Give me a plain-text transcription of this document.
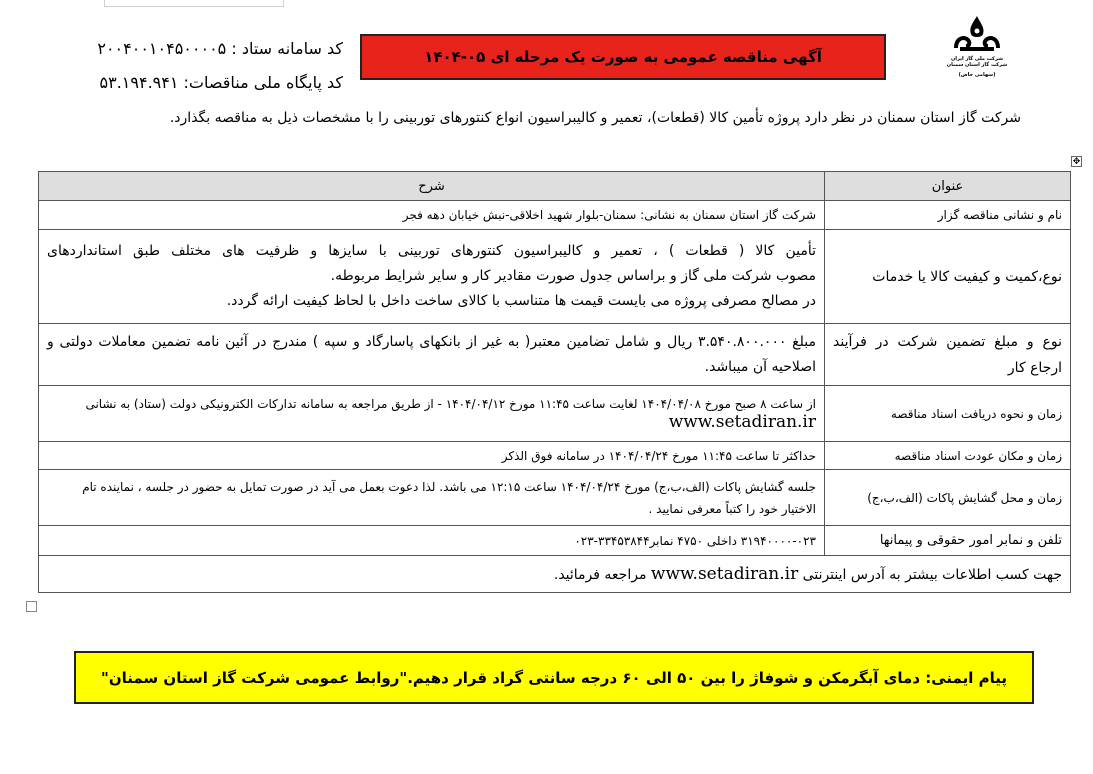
شرکت ملی گاز ایران
شرکت گاز استان سمنان
(سهامی خاص)
آگهی مناقصه عمومی به صورت یک مرحله ای ۰۵-۱۴۰۴
کد سامانه ستاد : ۲۰۰۴۰۰۱۰۴۵۰۰۰۰۵
کد پایگاه ملی مناقصات: ۵۳.۱۹۴.۹۴۱
شرکت گاز استان سمنان در نظر دارد پروژه تأمین کالا (قطعات)، تعمیر و کالیبراسیون انواع کنتورهای توربینی را با مشخصات ذیل به مناقصه بگذارد.
✥
عنوان	شرح
نام و نشانی مناقصه گزار	شرکت گاز استان سمنان به نشانی: سمنان-بلوار شهید اخلاقی-نبش خیابان دهه فجر
نوع،کمیت و کیفیت کالا یا خدمات	تأمین کالا ( قطعات ) ، تعمیر و کالیبراسیون کنتورهای توربینی با سایزها و ظرفیت های مختلف طبق استانداردهای
مصوب شرکت ملی گاز و براساس جدول صورت مقادیر کار و سایر شرایط مربوطه.
در مصالح مصرفی پروژه می بایست قیمت ها متناسب با کالای ساخت داخل با لحاظ کیفیت ارائه گردد.

نوع و مبلغ تضمین شرکت در فرآیند ارجاع کار	مبلغ ۳.۵۴۰.۸۰۰.۰۰۰ ریال و شامل تضامین معتبر( به غیر از بانکهای پاسارگاد و سپه ) مندرج در آئین نامه تضمین معاملات دولتی و اصلاحیه آن میباشد.
زمان و نحوه دریافت اسناد مناقصه	از ساعت ۸ صبح مورخ ۱۴۰۴/۰۴/۰۸ لغایت ساعت ۱۱:۴۵ مورخ ۱۴۰۴/۰۴/۱۲ - از طریق مراجعه به سامانه تدارکات الکترونیکی دولت (ستاد) به نشانی www.setadiran.ir
زمان و مکان عودت اسناد مناقصه	حداکثر تا ساعت ۱۱:۴۵ مورخ ۱۴۰۴/۰۴/۲۴ در سامانه فوق الذکر
زمان و محل گشایش پاکات (الف،ب،ج)	جلسه گشایش پاکات (الف،ب،ج) مورخ ۱۴۰۴/۰۴/۲۴ ساعت ۱۲:۱۵ می باشد. لذا دعوت بعمل می آید در صورت تمایل به حضور در جلسه ، نماینده تام الاختیار خود را کتباً معرفی نمایید .
تلفن و نمابر امور حقوقی و پیمانها	۳۱۹۴۰۰۰۰-۰۲۳ داخلی ۴۷۵۰ نمابر۳۳۴۵۳۸۴۴-۰۲۳
جهت کسب اطلاعات بیشتر به آدرس اینترنتی www.setadiran.ir مراجعه فرمائید.	
پیام ایمنی: دمای آبگرمکن و شوفاژ را بین ۵۰ الی ۶۰ درجه سانتی گراد قرار دهیم."روابط عمومی شرکت گاز استان سمنان"
